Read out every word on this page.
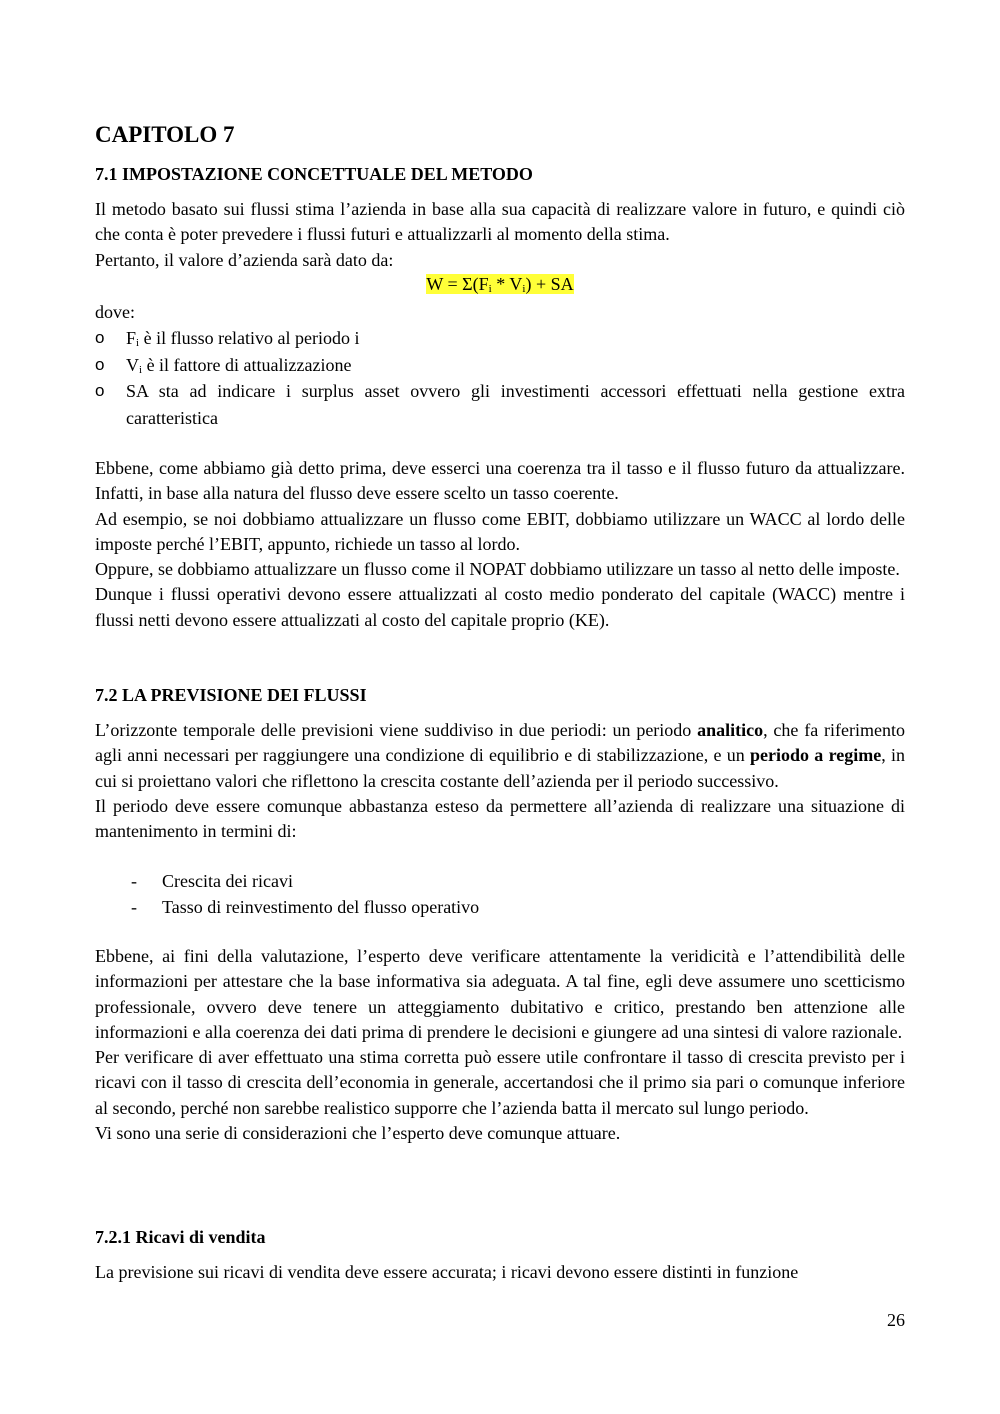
CAPITOLO 7
7.1 IMPOSTAZIONE CONCETTUALE DEL METODO

Il metodo basato sui flussi stima l’azienda in base alla sua capacità di realizzare valore in futuro, e quindi ciò che conta è poter prevedere i flussi futuri e attualizzarli al momento della stima.
Pertanto, il valore d’azienda sarà dato da:

$W = \Sigma(F_i * V_i)$ + SA

dove:

o $F_i$ è il flusso relativo al periodo i
o $V_i$ è il fattore di attualizzazione
o SA sta ad indicare i surplus asset ovvero gli investimenti accessori effettuati nella gestione extra caratteristica

Ebbene, come abbiamo già detto prima, deve esserci una coerenza tra il tasso e il flusso futuro da attualizzare. Infatti, in base alla natura del flusso deve essere scelto un tasso coerente.
Ad esempio, se noi dobbiamo attualizzare un flusso come EBIT, dobbiamo utilizzare un WACC al lordo delle imposte perché l’EBIT, appunto, richiede un tasso al lordo.
Oppure, se dobbiamo attualizzare un flusso come il NOPAT dobbiamo utilizzare un tasso al netto delle imposte.
Dunque i flussi operativi devono essere attualizzati al costo medio ponderato del capitale (WACC) mentre i flussi netti devono essere attualizzati al costo del capitale proprio (KE).

7.2 LA PREVISIONE DEI FLUSSI

L’orizzonte temporale delle previsioni viene suddiviso in due periodi: un periodo analitico, che fa riferimento agli anni necessari per raggiungere una condizione di equilibrio e di stabilizzazione, e un periodo a regime, in cui si proiettano valori che riflettono la crescita costante dell’azienda per il periodo successivo.
Il periodo deve essere comunque abbastanza esteso da permettere all’azienda di realizzare una situazione di mantenimento in termini di:

- Crescita dei ricavi
- Tasso di reinvestimento del flusso operativo

Ebbene, ai fini della valutazione, l’esperto deve verificare attentamente la veridicità e l’attendibilità delle informazioni per attestare che la base informativa sia adeguata. A tal fine, egli deve assumere uno scetticismo professionale, ovvero deve tenere un atteggiamento dubitativo e critico, prestando ben attenzione alle informazioni e alla coerenza dei dati prima di prendere le decisioni e giungere ad una sintesi di valore razionale.
Per verificare di aver effettuato una stima corretta può essere utile confrontare il tasso di crescita previsto per i ricavi con il tasso di crescita dell’economia in generale, accertandosi che il primo sia pari o comunque inferiore al secondo, perché non sarebbe realistico supporre che l’azienda batta il mercato sul lungo periodo.
Vi sono una serie di considerazioni che l’esperto deve comunque attuare.

7.2.1 Ricavi di vendita

La previsione sui ricavi di vendita deve essere accurata; i ricavi devono essere distinti in funzione

26
